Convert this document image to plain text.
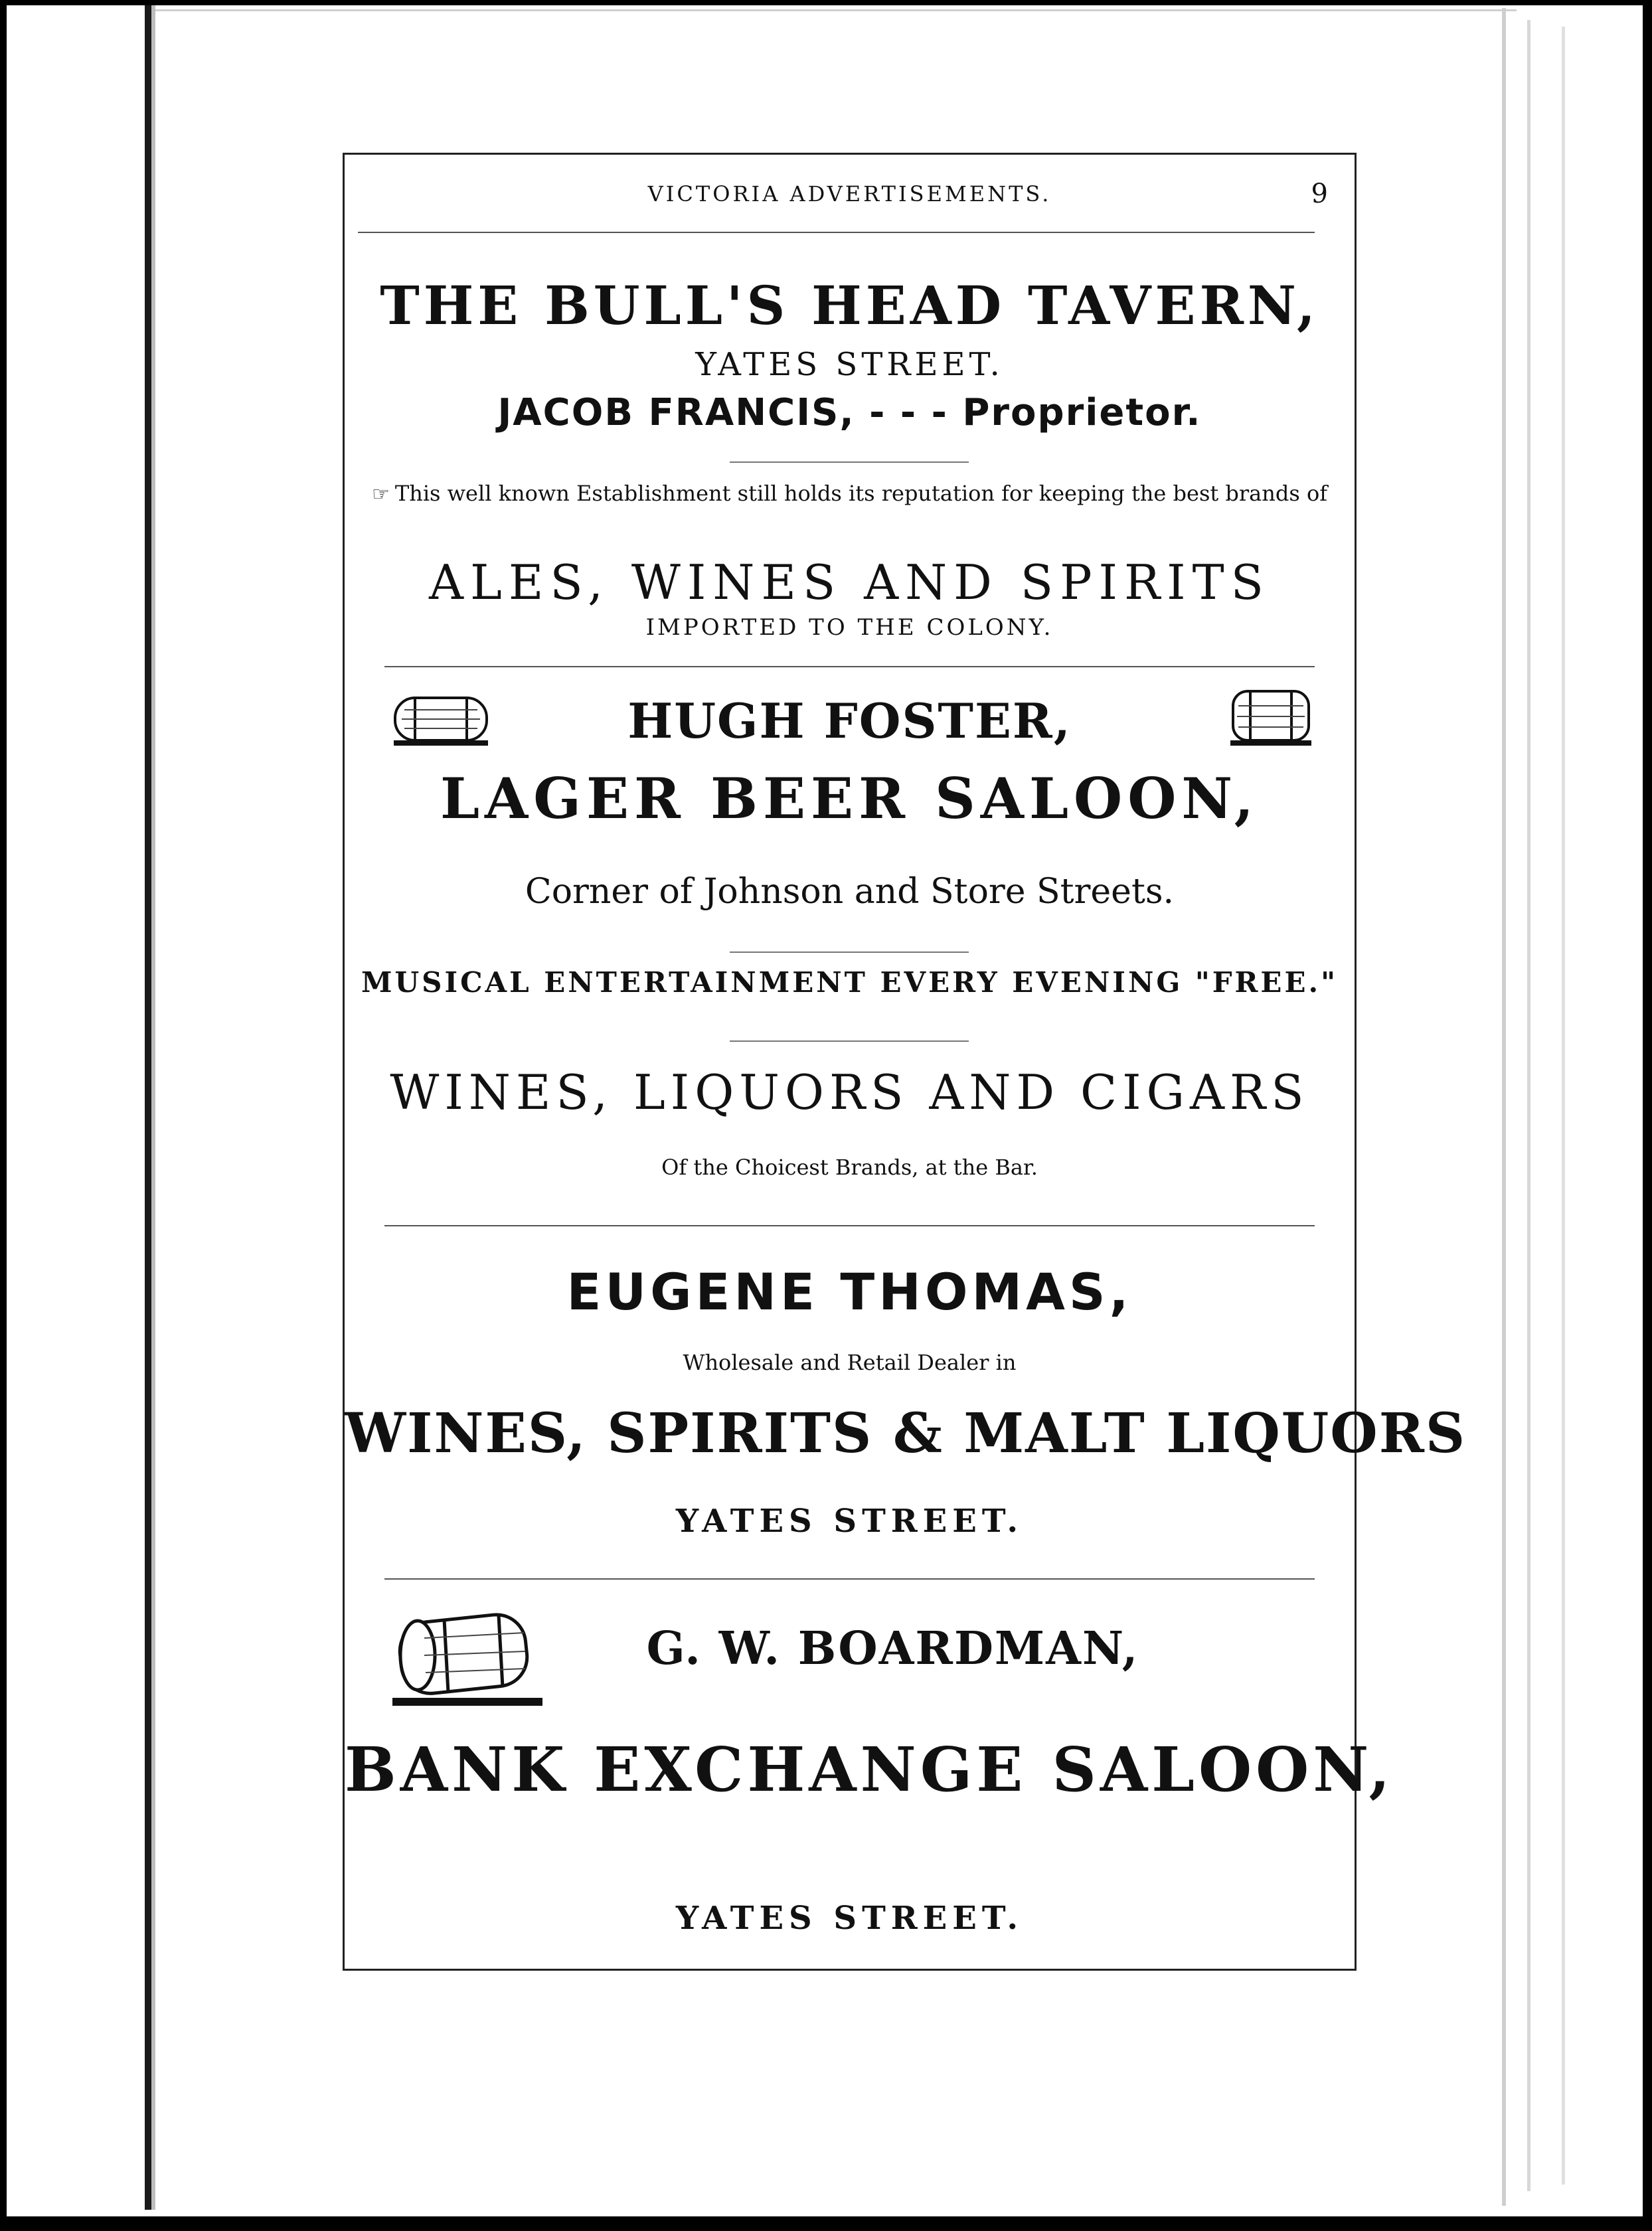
VICTORIA ADVERTISEMENTS.	9
THE BULL'S HEAD TAVERN,
YATES STREET.
JACOB FRANCIS, - - - Proprietor.
☞ This well known Establishment still holds its reputation for keeping the best brands of
ALES, WINES AND SPIRITS
IMPORTED TO THE COLONY.
HUGH FOSTER,
LAGER BEER SALOON,
Corner of Johnson and Store Streets.
MUSICAL ENTERTAINMENT EVERY EVENING "FREE."
WINES, LIQUORS AND CIGARS
Of the Choicest Brands, at the Bar.
EUGENE THOMAS,
Wholesale and Retail Dealer in
WINES, SPIRITS & MALT LIQUORS
YATES STREET.
G. W. BOARDMAN,
BANK EXCHANGE SALOON,
YATES STREET.
